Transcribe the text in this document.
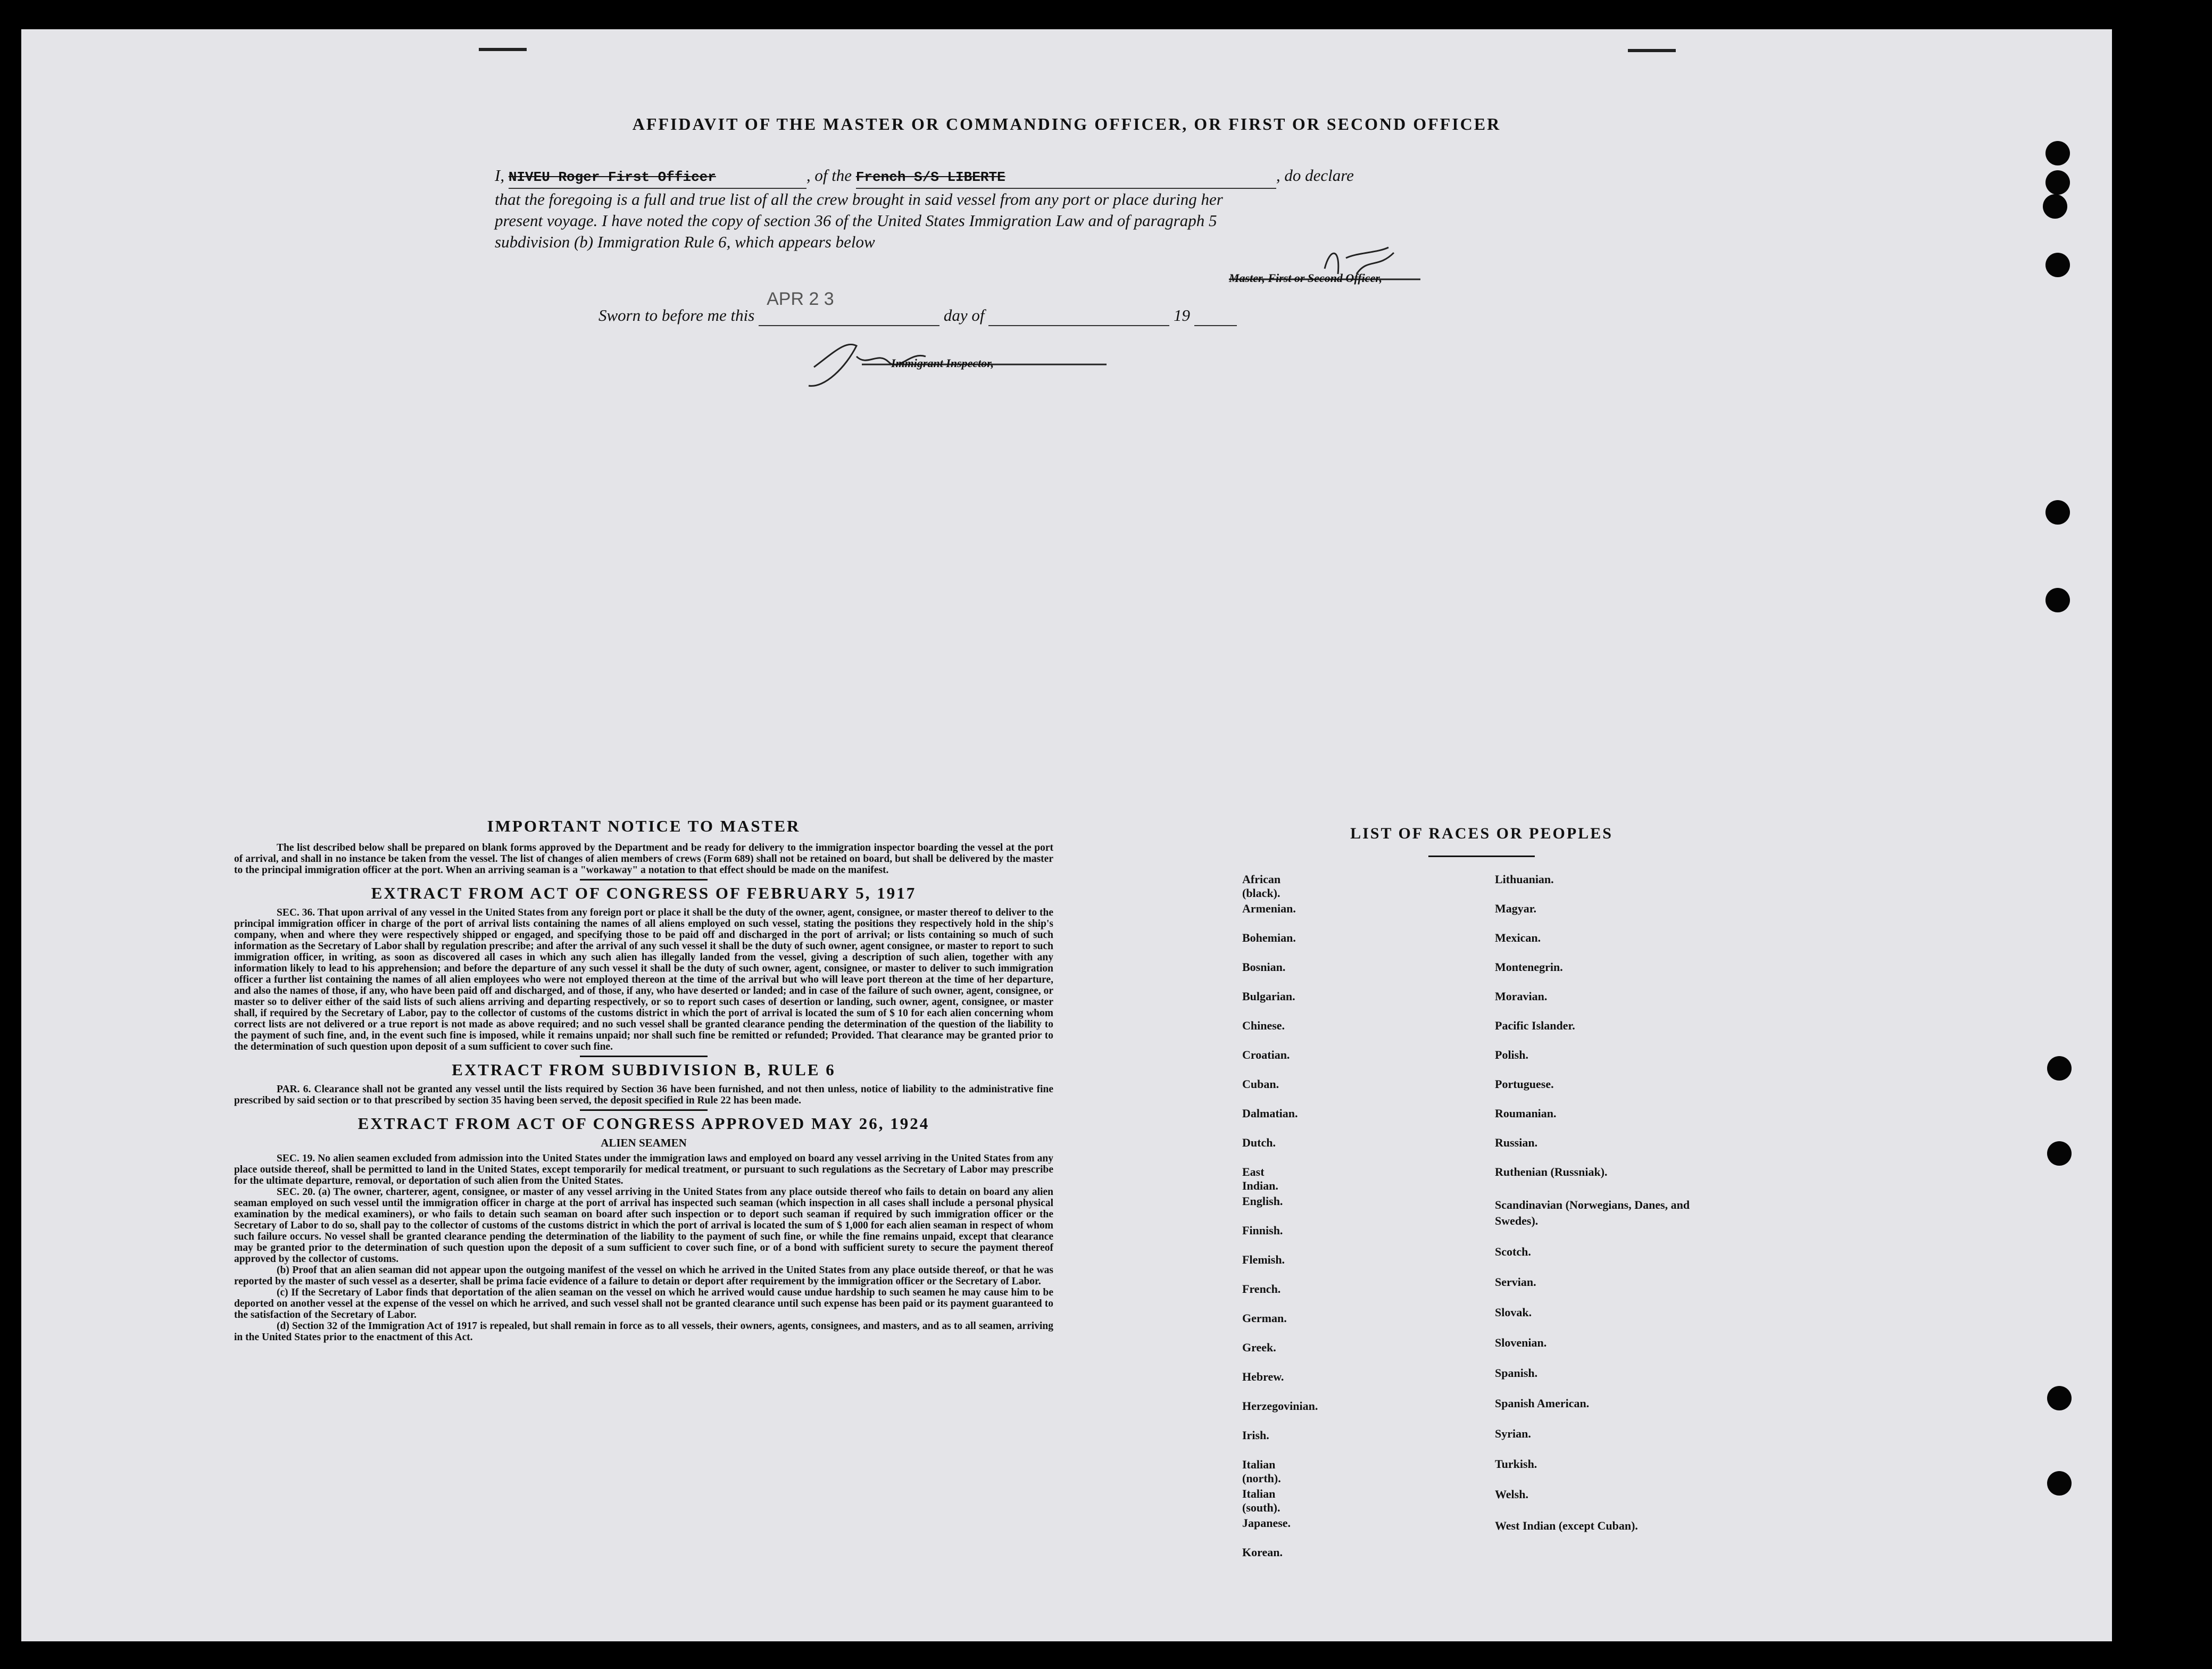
AFFIDAVIT OF THE MASTER OR COMMANDING OFFICER, OR FIRST OR SECOND OFFICER
I, NIVEU Roger First Officer	, of the French S/S LIBERTE	, do declare
that the foregoing is a full and true list of all the crew brought in said vessel from any port or place during her
present voyage. I have noted the copy of section 36 of the United States Immigration Law and of paragraph 5
subdivision (b) Immigration Rule 6, which appears below
Master, First or Second Officer,
Sworn to before me this
APR 2 3
day of	19
Immigrant Inspector,
IMPORTANT NOTICE TO MASTER
The list described below shall be prepared on blank forms approved by the Department and be ready for delivery to the immigration inspector boarding the vessel at the port of arrival, and shall in no instance be taken from the vessel. The list of changes of alien members of crews (Form 689) shall not be retained on board, but shall be delivered by the master to the principal immigration officer at the port. When an arriving seaman is a "workaway" a notation to that effect should be made on the manifest.
EXTRACT FROM ACT OF CONGRESS OF FEBRUARY 5, 1917
SEC. 36. That upon arrival of any vessel in the United States from any foreign port or place it shall be the duty of the owner, agent, consignee, or master thereof to deliver to the principal immigration officer in charge of the port of arrival lists containing the names of all aliens employed on such vessel, stating the positions they respectively hold in the ship's company, when and where they were respectively shipped or engaged, and specifying those to be paid off and discharged in the port of arrival; or lists containing so much of such information as the Secretary of Labor shall by regulation prescribe; and after the arrival of any such vessel it shall be the duty of such owner, agent consignee, or master to report to such immigration officer, in writing, as soon as discovered all cases in which any such alien has illegally landed from the vessel, giving a description of such alien, together with any information likely to lead to his apprehension; and before the departure of any such vessel it shall be the duty of such owner, agent, consignee, or master to deliver to such immigration officer a further list containing the names of all alien employees who were not employed thereon at the time of the arrival but who will leave port thereon at the time of her departure, and also the names of those, if any, who have been paid off and discharged, and of those, if any, who have deserted or landed; and in case of the failure of such owner, agent, consignee, or master so to deliver either of the said lists of such aliens arriving and departing respectively, or so to report such cases of desertion or landing, such owner, agent, consignee, or master shall, if required by the Secretary of Labor, pay to the collector of customs of the customs district in which the port of arrival is located the sum of $ 10 for each alien concerning whom correct lists are not delivered or a true report is not made as above required; and no such vessel shall be granted clearance pending the determination of the question of the liability to the payment of such fine, and, in the event such fine is imposed, while it remains unpaid; nor shall such fine be remitted or refunded; Provided. That clearance may be granted prior to the determination of such question upon deposit of a sum sufficient to cover such fine.
EXTRACT FROM SUBDIVISION B, RULE 6
PAR. 6. Clearance shall not be granted any vessel until the lists required by Section 36 have been furnished, and not then unless, notice of liability to the administrative fine prescribed by said section or to that prescribed by section 35 having been served, the deposit specified in Rule 22 has been made.
EXTRACT FROM ACT OF CONGRESS APPROVED MAY 26, 1924
ALIEN SEAMEN
SEC. 19. No alien seamen excluded from admission into the United States under the immigration laws and employed on board any vessel arriving in the United States from any place outside thereof, shall be permitted to land in the United States, except temporarily for medical treatment, or pursuant to such regulations as the Secretary of Labor may prescribe for the ultimate departure, removal, or deportation of such alien from the United States.
SEC. 20. (a) The owner, charterer, agent, consignee, or master of any vessel arriving in the United States from any place outside thereof who fails to detain on board any alien seaman employed on such vessel until the immigration officer in charge at the port of arrival has inspected such seaman (which inspection in all cases shall include a personal physical examination by the medical examiners), or who fails to detain such seaman on board after such inspection or to deport such seaman if required by such immigration officer or the Secretary of Labor to do so, shall pay to the collector of customs of the customs district in which the port of arrival is located the sum of $ 1,000 for each alien seaman in respect of whom such failure occurs. No vessel shall be granted clearance pending the determination of the liability to the payment of such fine, or while the fine remains unpaid, except that clearance may be granted prior to the determination of such question upon the deposit of a sum sufficient to cover such fine, or of a bond with sufficient surety to secure the payment thereof approved by the collector of customs.
(b) Proof that an alien seaman did not appear upon the outgoing manifest of the vessel on which he arrived in the United States from any place outside thereof, or that he was reported by the master of such vessel as a deserter, shall be prima facie evidence of a failure to detain or deport after requirement by the immigration officer or the Secretary of Labor.
(c) If the Secretary of Labor finds that deportation of the alien seaman on the vessel on which he arrived would cause undue hardship to such seamen he may cause him to be deported on another vessel at the expense of the vessel on which he arrived, and such vessel shall not be granted clearance until such expense has been paid or its payment guaranteed to the satisfaction of the Secretary of Labor.
(d) Section 32 of the Immigration Act of 1917 is repealed, but shall remain in force as to all vessels, their owners, agents, consignees, and masters, and as to all seamen, arriving in the United States prior to the enactment of this Act.
LIST OF RACES OR PEOPLES
African (black).
Armenian.
Bohemian.
Bosnian.
Bulgarian.
Chinese.
Croatian.
Cuban.
Dalmatian.
Dutch.
East Indian.
English.
Finnish.
Flemish.
French.
German.
Greek.
Hebrew.
Herzegovinian.
Irish.
Italian (north).
Italian (south).
Japanese.
Korean.
Lithuanian.
Magyar.
Mexican.
Montenegrin.
Moravian.
Pacific Islander.
Polish.
Portuguese.
Roumanian.
Russian.
Ruthenian (Russniak).
Scandinavian (Norwegians, Danes, and Swedes).
Scotch.
Servian.
Slovak.
Slovenian.
Spanish.
Spanish American.
Syrian.
Turkish.
Welsh.
West Indian (except Cuban).
